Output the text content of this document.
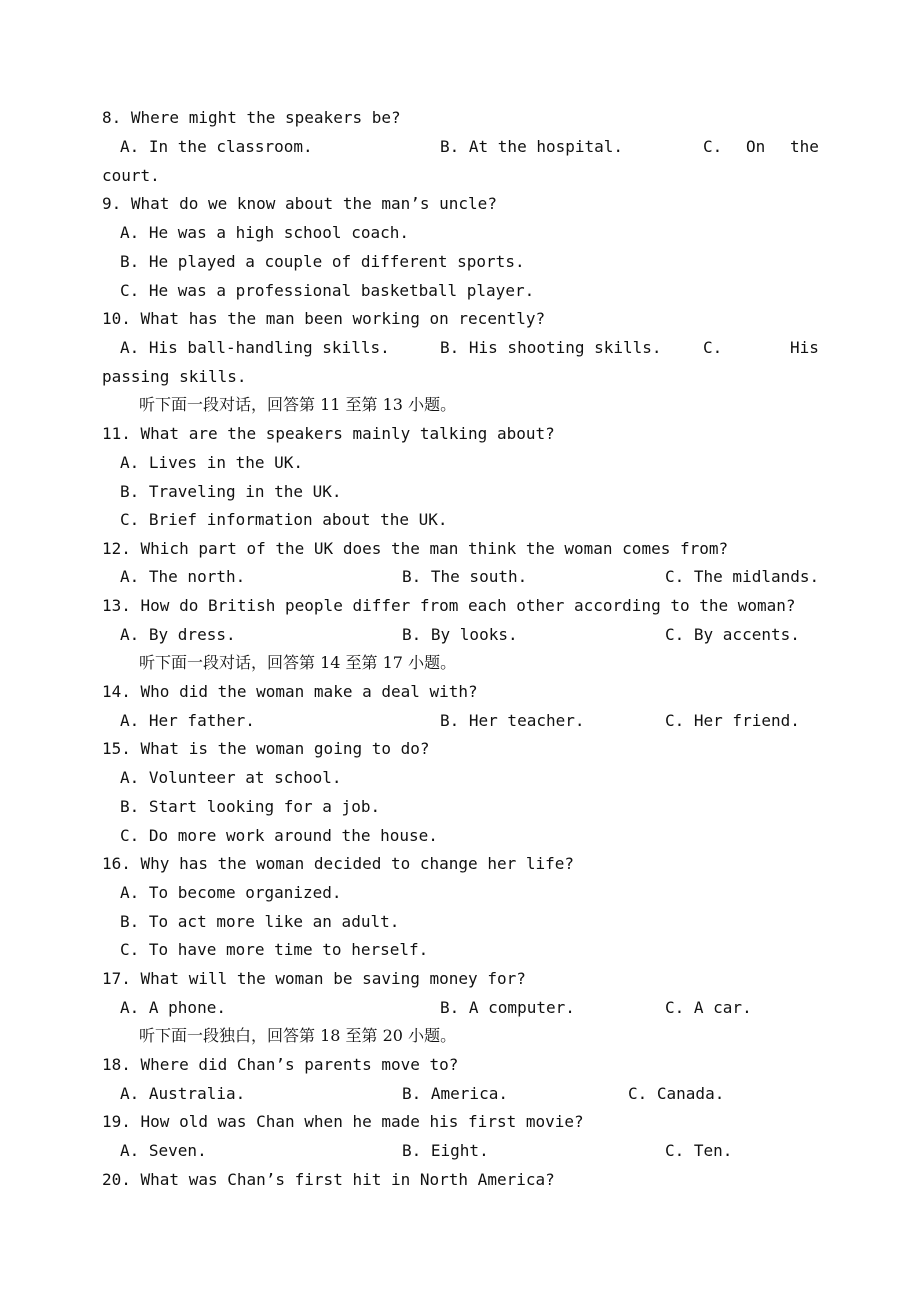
8. Where might the speakers be?
A. In the classroom.	B. At the hospital.	C. On the
court.
9. What do we know about the man’s uncle?
A. He was a high school coach.
B. He played a couple of different sports.
C. He was a professional basketball player.
10. What has the man been working on recently?
A. His ball-handling skills.	B. His shooting skills.	C.	His
passing skills.
听下面一段对话，回答第 11 至第 13 小题。
11. What are the speakers mainly talking about?
A. Lives in the UK.
B. Traveling in the UK.
C. Brief information about the UK.
12. Which part of the UK does the man think the woman comes from?
A. The north.	B. The south.	C. The midlands.
13. How do British people differ from each other according to the woman?
A. By dress.	B. By looks.	C. By accents.
听下面一段对话，回答第 14 至第 17 小题。
14. Who did the woman make a deal with?
A. Her father.	B. Her teacher.	C. Her friend.
15. What is the woman going to do?
A. Volunteer at school.
B. Start looking for a job.
C. Do more work around the house.
16. Why has the woman decided to change her life?
A. To become organized.
B. To act more like an adult.
C. To have more time to herself.
17. What will the woman be saving money for?
A. A phone.	B. A computer.	C. A car.
听下面一段独白，回答第 18 至第 20 小题。
18. Where did Chan’s parents move to?
A. Australia.	B. America.	C. Canada.
19. How old was Chan when he made his first movie?
A. Seven.	B. Eight.	C. Ten.
20. What was Chan’s first hit in North America?
